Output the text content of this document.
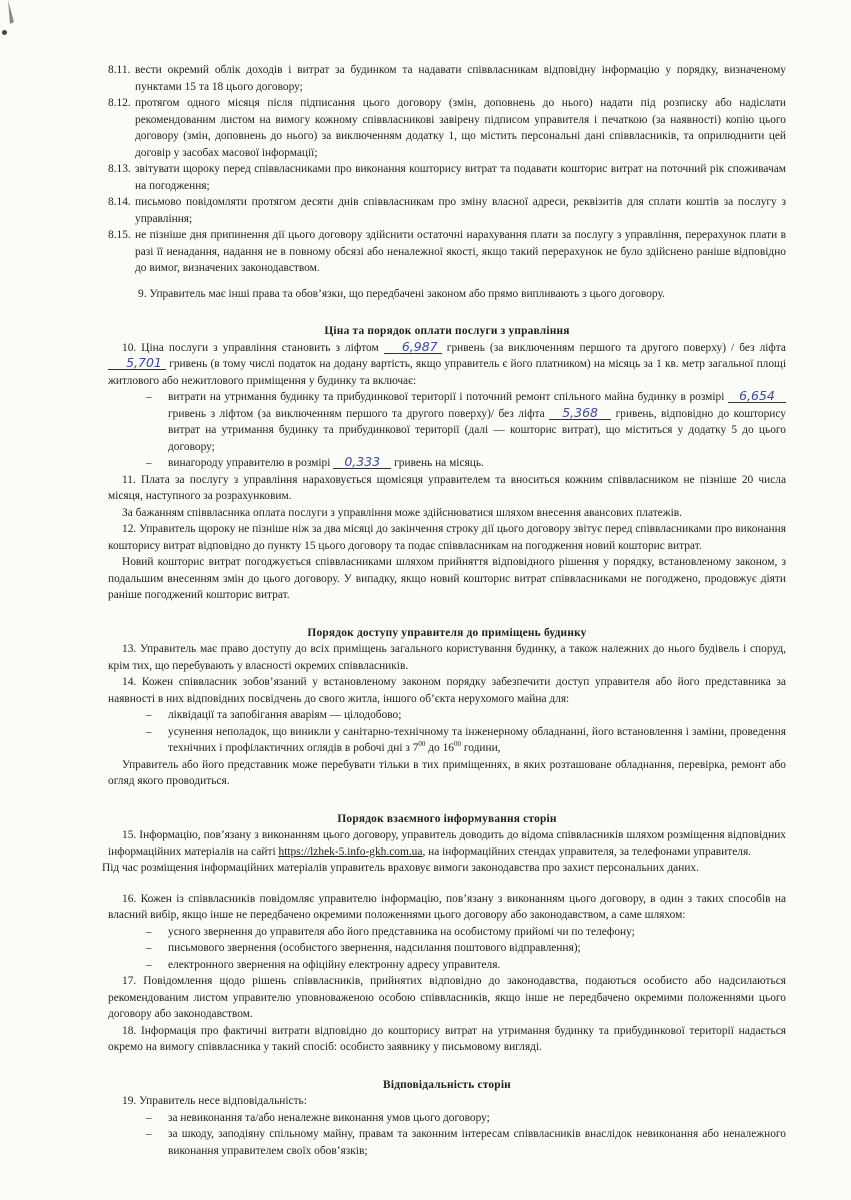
8.11. вести окремий облік доходів і витрат за будинком та надавати співвласникам відповідну інформацію у порядку, визначеному пунктами 15 та 18 цього договору;
8.12. протягом одного місяця після підписання цього договору (змін, доповнень до нього) надати під розписку або надіслати рекомендованим листом на вимогу кожному співвласникові завірену підписом управителя і печаткою (за наявності) копію цього договору (змін, доповнень до нього) за виключенням додатку 1, що містить персональні дані співвласників, та оприлюднити цей договір у засобах масової інформації;
8.13. звітувати щороку перед співвласниками про виконання кошторису витрат та подавати кошторис витрат на поточний рік споживачам на погодження;
8.14. письмово повідомляти протягом десяти днів співвласникам про зміну власної адреси, реквізитів для сплати коштів за послугу з управління;
8.15. не пізніше дня припинення дії цього договору здійснити остаточні нарахування плати за послугу з управління, перерахунок плати в разі її ненадання, надання не в повному обсязі або неналежної якості, якщо такий перерахунок не було здійснено раніше відповідно до вимог, визначених законодавством.
9. Управитель має інші права та обов’язки, що передбачені законом або прямо випливають з цього договору.
Ціна та порядок оплати послуги з управління
10. Ціна послуги з управління становить з ліфтом 6,987 гривень (за виключенням першого та другого поверху) / без ліфта 5,701 гривень (в тому числі податок на додану вартість, якщо управитель є його платником) на місяць за 1 кв. метр загальної площі житлового або нежитлового приміщення у будинку та включає:
– витрати на утримання будинку та прибудинкової території і поточний ремонт спільного майна будинку в розмірі 6,654 гривень з ліфтом (за виключенням першого та другого поверху)/ без ліфта 5,368 гривень, відповідно до кошторису витрат на утримання будинку та прибудинкової території (далі — кошторис витрат), що міститься у додатку 5 до цього договору;
– винагороду управителю в розмірі 0,333 гривень на місяць.
11. Плата за послугу з управління нараховується щомісяця управителем та вноситься кожним співвласником не пізніше 20 числа місяця, наступного за розрахунковим.
За бажанням співвласника оплата послуги з управління може здійснюватися шляхом внесення авансових платежів.
12. Управитель щороку не пізніше ніж за два місяці до закінчення строку дії цього договору звітує перед співвласниками про виконання кошторису витрат відповідно до пункту 15 цього договору та подає співвласникам на погодження новий кошторис витрат.
Новий кошторис витрат погоджується співвласниками шляхом прийняття відповідного рішення у порядку, встановленому законом, з подальшим внесенням змін до цього договору. У випадку, якщо новий кошторис витрат співвласниками не погоджено, продовжує діяти раніше погоджений кошторис витрат.
Порядок доступу управителя до приміщень будинку
13. Управитель має право доступу до всіх приміщень загального користування будинку, а також належних до нього будівель і споруд, крім тих, що перебувають у власності окремих співвласників.
14. Кожен співвласник зобов’язаний у встановленому законом порядку забезпечити доступ управителя або його представника за наявності в них відповідних посвідчень до свого житла, іншого об’єкта нерухомого майна для:
– ліквідації та запобігання аваріям — цілодобово;
– усунення неполадок, що виникли у санітарно-технічному та інженерному обладнанні, його встановлення і заміни, проведення технічних і профілактичних оглядів в робочі дні з $7^{00}$ до $16^{00}$ години,
Управитель або його представник може перебувати тільки в тих приміщеннях, в яких розташоване обладнання, перевірка, ремонт або огляд якого проводиться.
Порядок взаємного інформування сторін
15. Інформацію, пов’язану з виконанням цього договору, управитель доводить до відома співвласників шляхом розміщення відповідних інформаційних матеріалів на сайті https://lzhek-5.info-gkh.com.ua, на інформаційних стендах управителя, за телефонами управителя.
Під час розміщення інформаційних матеріалів управитель враховує вимоги законодавства про захист персональних даних.
16. Кожен із співвласників повідомляє управителю інформацію, пов’язану з виконанням цього договору, в один з таких способів на власний вибір, якщо інше не передбачено окремими положеннями цього договору або законодавством, а саме шляхом:
– усного звернення до управителя або його представника на особистому прийомі чи по телефону;
– письмового звернення (особистого звернення, надсилання поштового відправлення);
– електронного звернення на офіційну електронну адресу управителя.
17. Повідомлення щодо рішень співвласників, прийнятих відповідно до законодавства, подаються особисто або надсилаються рекомендованим листом управителю уповноваженою особою співвласників, якщо інше не передбачено окремими положеннями цього договору або законодавством.
18. Інформація про фактичні витрати відповідно до кошторису витрат на утримання будинку та прибудинкової території надається окремо на вимогу співвласника у такий спосіб: особисто заявнику у письмовому вигляді.
Відповідальність сторін
19. Управитель несе відповідальність:
– за невиконання та/або неналежне виконання умов цього договору;
– за шкоду, заподіяну спільному майну, правам та законним інтересам співвласників внаслідок невиконання або неналежного виконання управителем своїх обов’язків;
